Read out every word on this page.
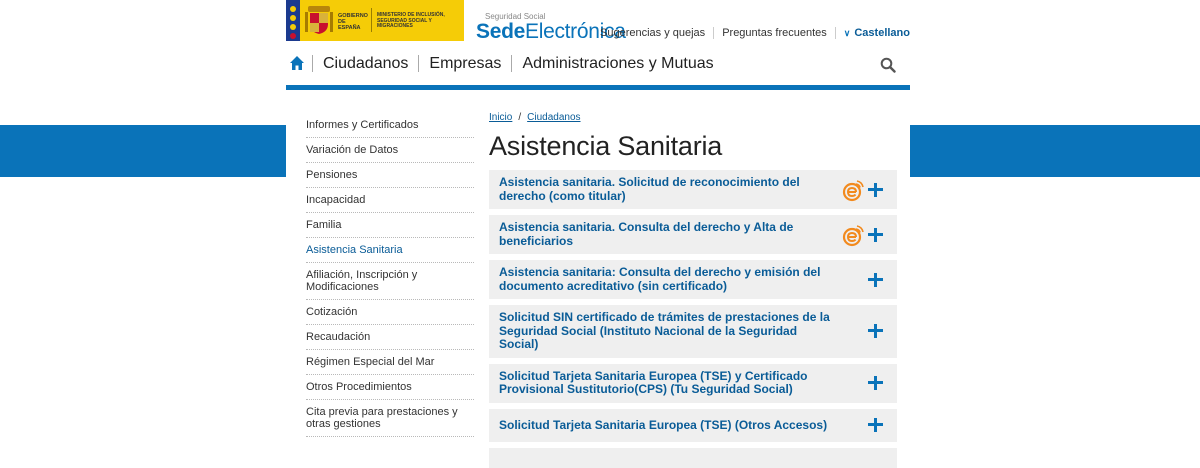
GOBIERNO DE ESPAÑA
MINISTERIO DE INCLUSIÓN, SEGURIDAD SOCIAL Y MIGRACIONES
Seguridad Social
SedeElectrónica
Sugerencias y quejas	Preguntas frecuentes	∨ Castellano
Ciudadanos	Empresas	Administraciones y Mutuas
Informes y Certificados
Variación de Datos
Pensiones
Incapacidad
Familia
Asistencia Sanitaria
Afiliación, Inscripción y Modificaciones
Cotización
Recaudación
Régimen Especial del Mar
Otros Procedimientos
Cita previa para prestaciones y otras gestiones
Inicio / Ciudadanos
Asistencia Sanitaria
Asistencia sanitaria. Solicitud de reconocimiento del derecho (como titular)
Asistencia sanitaria. Consulta del derecho y Alta de beneficiarios
Asistencia sanitaria: Consulta del derecho y emisión del documento acreditativo (sin certificado)
Solicitud SIN certificado de trámites de prestaciones de la Seguridad Social (Instituto Nacional de la Seguridad Social)
Solicitud Tarjeta Sanitaria Europea (TSE) y Certificado Provisional Sustitutorio(CPS) (Tu Seguridad Social)
Solicitud Tarjeta Sanitaria Europea (TSE) (Otros Accesos)
